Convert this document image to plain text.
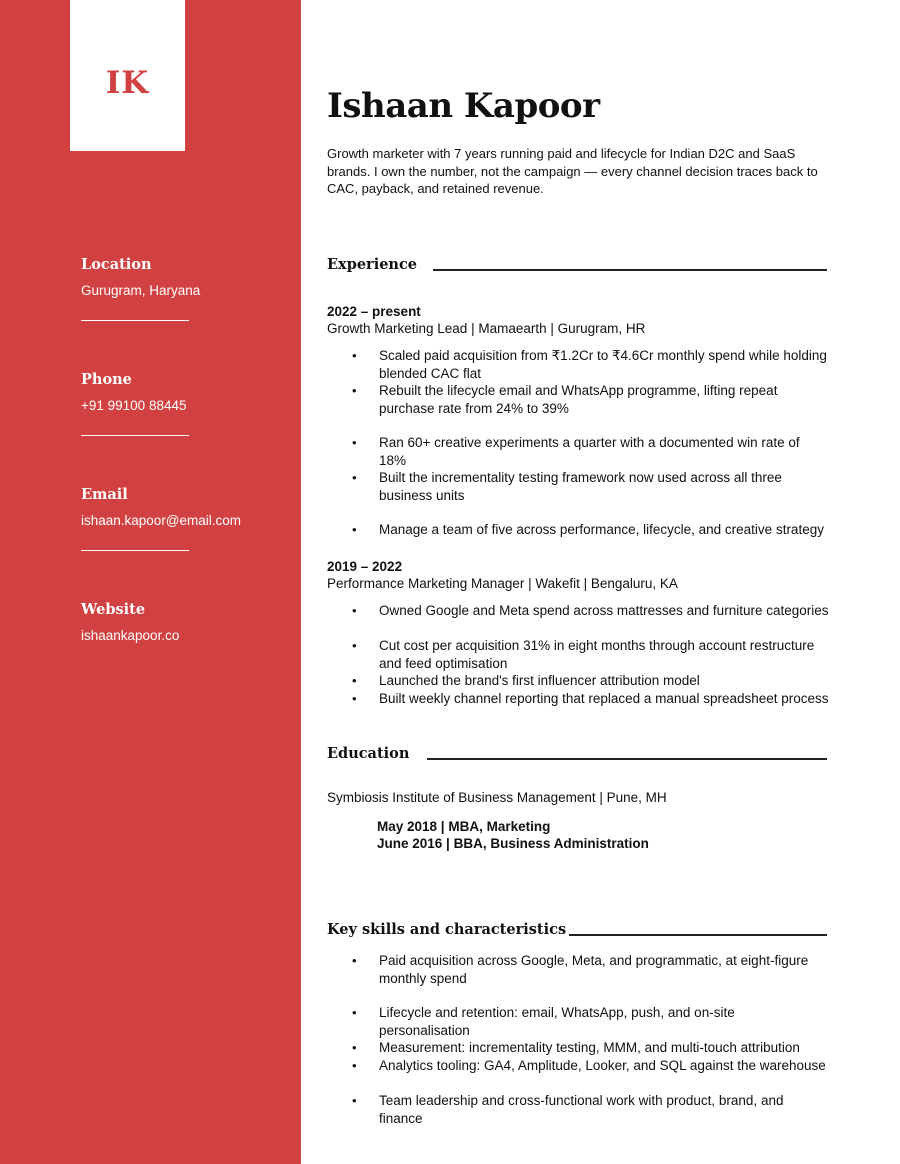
IK
Location
Gurugram, Haryana
Phone
+91 99100 88445
Email
ishaan.kapoor@email.com
Website
ishaankapoor.co
Ishaan Kapoor
Growth marketer with 7 years running paid and lifecycle for Indian D2C and SaaS brands. I own the number, not the campaign — every channel decision traces back to CAC, payback, and retained revenue.
Experience
2022 – present
Growth Marketing Lead | Mamaearth | Gurugram, HR
• Scaled paid acquisition from ₹1.2Cr to ₹4.6Cr monthly spend while holding blended CAC flat
• Rebuilt the lifecycle email and WhatsApp programme, lifting repeat purchase rate from 24% to 39%
• Ran 60+ creative experiments a quarter with a documented win rate of 18%
• Built the incrementality testing framework now used across all three business units
• Manage a team of five across performance, lifecycle, and creative strategy
2019 – 2022
Performance Marketing Manager | Wakefit | Bengaluru, KA
• Owned Google and Meta spend across mattresses and furniture categories
• Cut cost per acquisition 31% in eight months through account restructure and feed optimisation
• Launched the brand's first influencer attribution model
• Built weekly channel reporting that replaced a manual spreadsheet process
Education
Symbiosis Institute of Business Management | Pune, MH
May 2018 | MBA, Marketing
June 2016 | BBA, Business Administration
Key skills and characteristics
• Paid acquisition across Google, Meta, and programmatic, at eight-figure monthly spend
• Lifecycle and retention: email, WhatsApp, push, and on-site personalisation
• Measurement: incrementality testing, MMM, and multi-touch attribution
• Analytics tooling: GA4, Amplitude, Looker, and SQL against the warehouse
• Team leadership and cross-functional work with product, brand, and finance
